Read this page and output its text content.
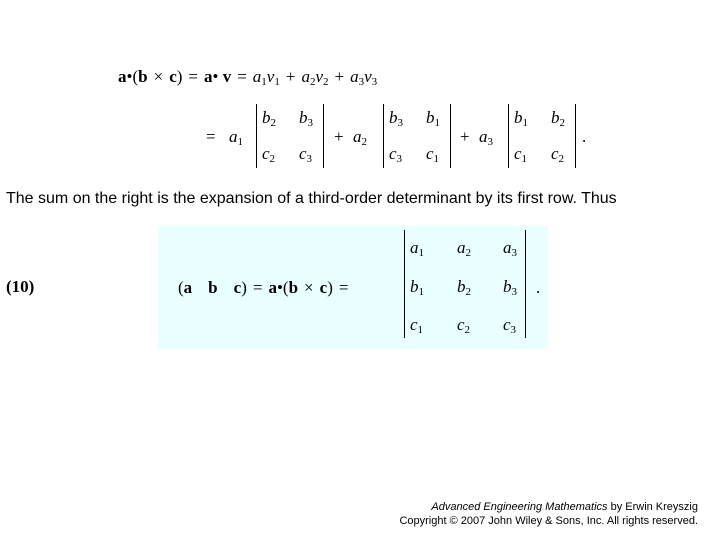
a•(b × c) = a• $v = a_1v_1 + a_2v_2 + a_3v_3$
= $a_1$
$b_2$ $b_3$
$c_2$ $c_3$
+ $a_2$
$b_3$ $b_1$
$c_3$ $c_1$
+ $a_3$
$b_1$ $b_2$
$c_1$ $c_2$
.
The sum on the right is the expansion of a third-order determinant by its first row. Thus
(10)	(a b c) = a•(b × c) =
$a_1$ $a_2$ $a_3$
$b_1$ $b_2$ $b_3$
$c_1$ $c_2$ $c_3$
.
Advanced Engineering Mathematics by Erwin Kreyszig
Copyright © 2007 John Wiley & Sons, Inc. All rights reserved.
